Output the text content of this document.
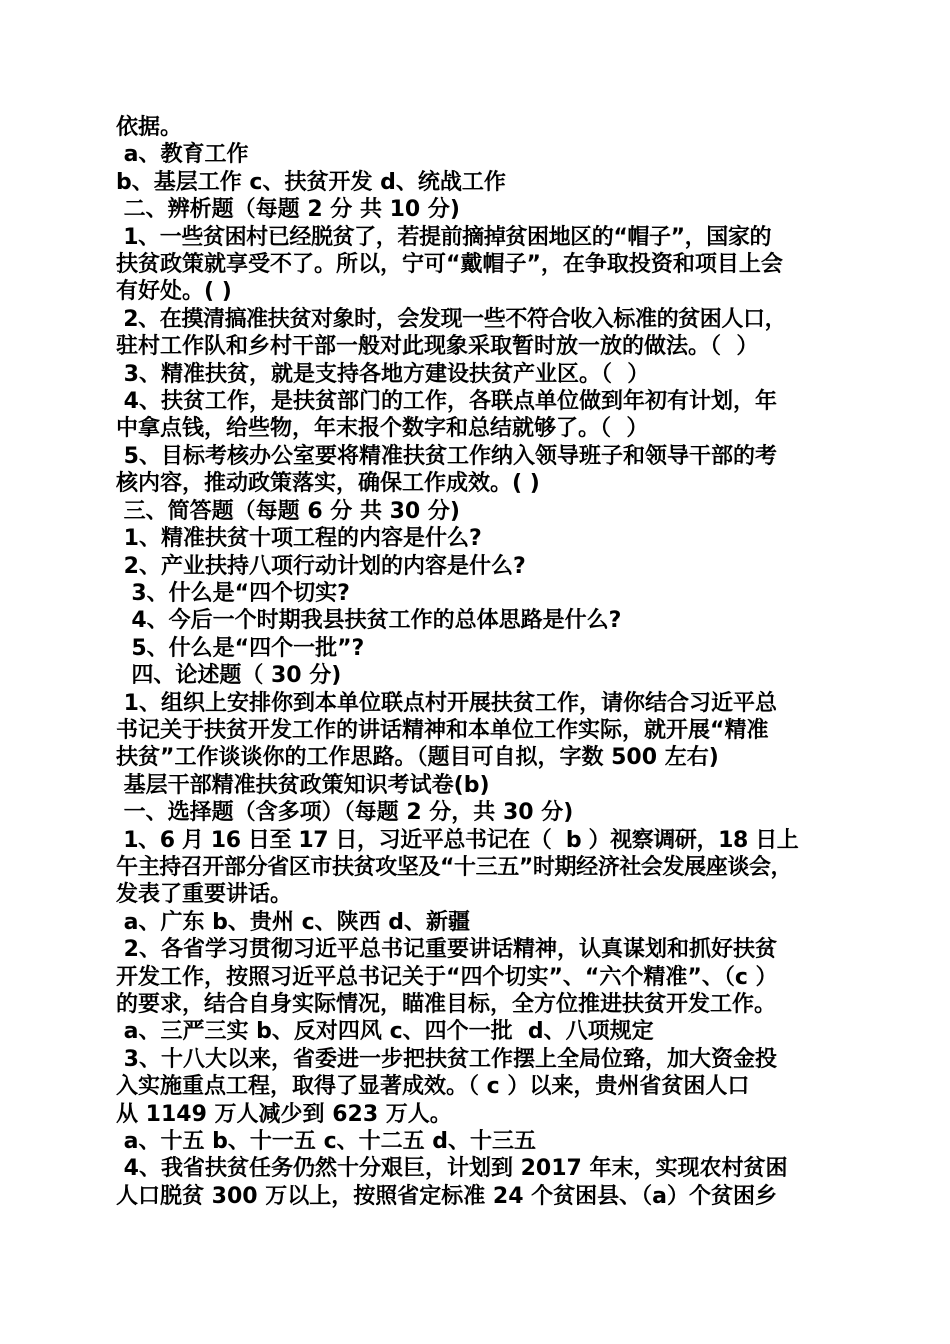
依据。
a、教育工作
b、基层工作 c、扶贫开发 d、统战工作
二、辨析题（每题 2 分 共 10 分)
1、一些贫困村已经脱贫了，若提前摘掉贫困地区的“帽子”，国家的
扶贫政策就享受不了。所以，宁可“戴帽子”，在争取投资和项目上会
有好处。( )
2、在摸清搞准扶贫对象时，会发现一些不符合收入标准的贫困人口，
驻村工作队和乡村干部一般对此现象采取暂时放一放的做法。（  ）
3、精准扶贫，就是支持各地方建设扶贫产业区。（  ）
4、扶贫工作，是扶贫部门的工作，各联点单位做到年初有计划，年
中拿点钱，给些物，年末报个数字和总结就够了。（  ）
5、目标考核办公室要将精准扶贫工作纳入领导班子和领导干部的考
核内容，推动政策落实，确保工作成效。( )
三、简答题（每题 6 分 共 30 分)
1、精准扶贫十项工程的内容是什么?
2、产业扶持八项行动计划的内容是什么?
3、什么是“四个切实?
4、今后一个时期我县扶贫工作的总体思路是什么?
5、什么是“四个一批”?
四、论述题（ 30 分)
1、组织上安排你到本单位联点村开展扶贫工作，请你结合习近平总
书记关于扶贫开发工作的讲话精神和本单位工作实际，就开展“精准
扶贫”工作谈谈你的工作思路。（题目可自拟，字数 500 左右)
基层干部精准扶贫政策知识考试卷(b)
一、选择题（含多项）（每题 2 分，共 30 分)
1、6 月 16 日至 17 日，习近平总书记在（  b ）视察调研，18 日上
午主持召开部分省区市扶贫攻坚及“十三五”时期经济社会发展座谈会，
发表了重要讲话。
a、广东 b、贵州 c、陕西 d、新疆
2、各省学习贯彻习近平总书记重要讲话精神，认真谋划和抓好扶贫
开发工作，按照习近平总书记关于“四个切实”、“六个精准”、（c ）
的要求，结合自身实际情况，瞄准目标，全方位推进扶贫开发工作。
a、三严三实 b、反对四风 c、四个一批  d、八项规定
3、十八大以来，省委进一步把扶贫工作摆上全局位臵，加大资金投
入实施重点工程，取得了显著成效。（ c ）以来，贵州省贫困人口
从 1149 万人减少到 623 万人。
a、十五 b、十一五 c、十二五 d、十三五
4、我省扶贫任务仍然十分艰巨，计划到 2017 年末，实现农村贫困
人口脱贫 300 万以上，按照省定标准 24 个贫困县、（a）个贫困乡
